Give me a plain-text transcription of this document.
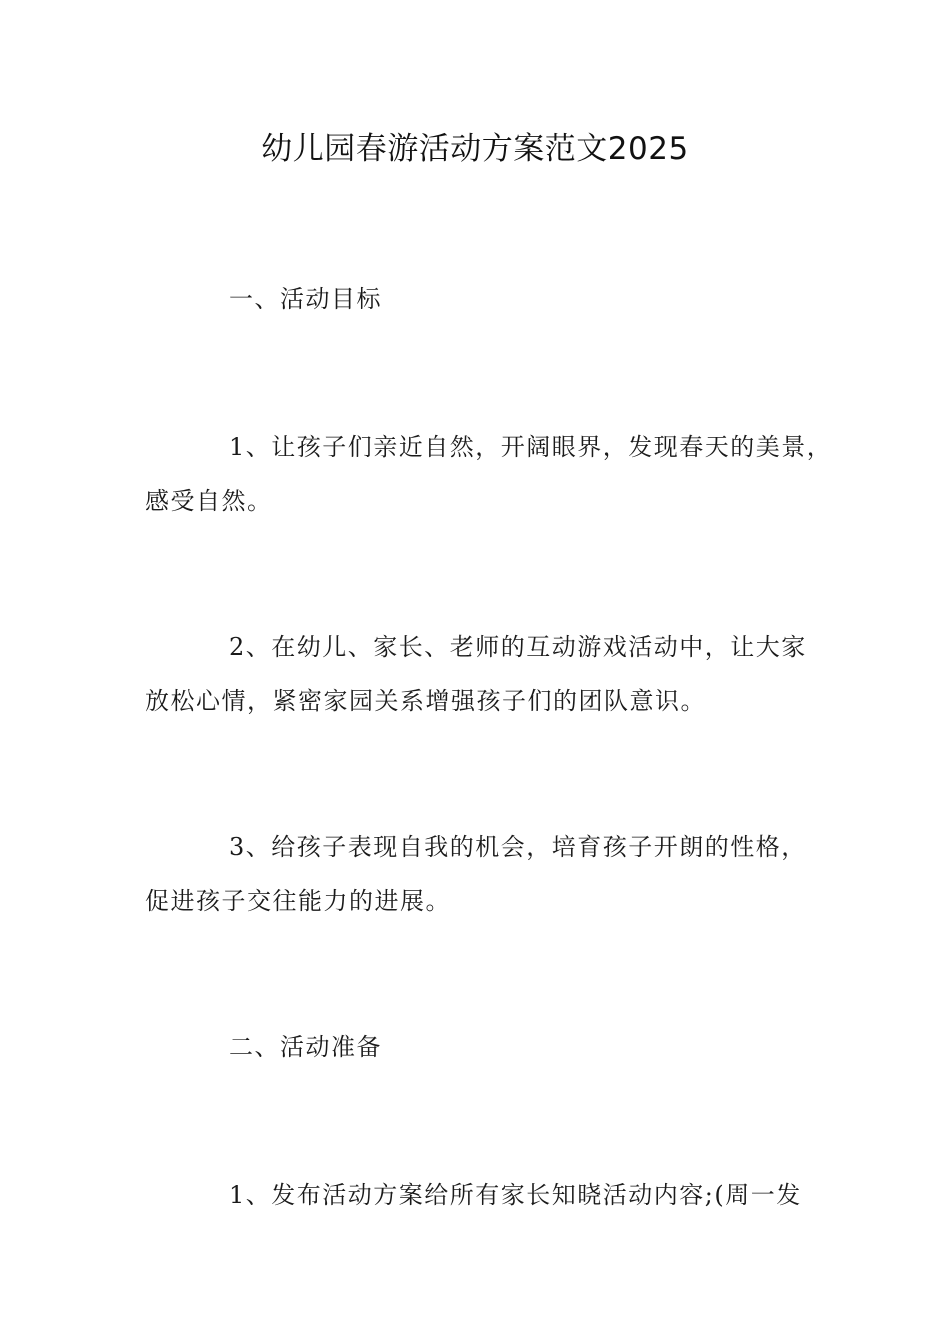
幼儿园春游活动方案范文2025

一、活动目标

1、让孩子们亲近自然，开阔眼界，发现春天的美景，
感受自然。

2、在幼儿、家长、老师的互动游戏活动中，让大家
放松心情，紧密家园关系增强孩子们的团队意识。

3、给孩子表现自我的机会，培育孩子开朗的性格，
促进孩子交往能力的进展。

二、活动准备

1、发布活动方案给所有家长知晓活动内容;(周一发
